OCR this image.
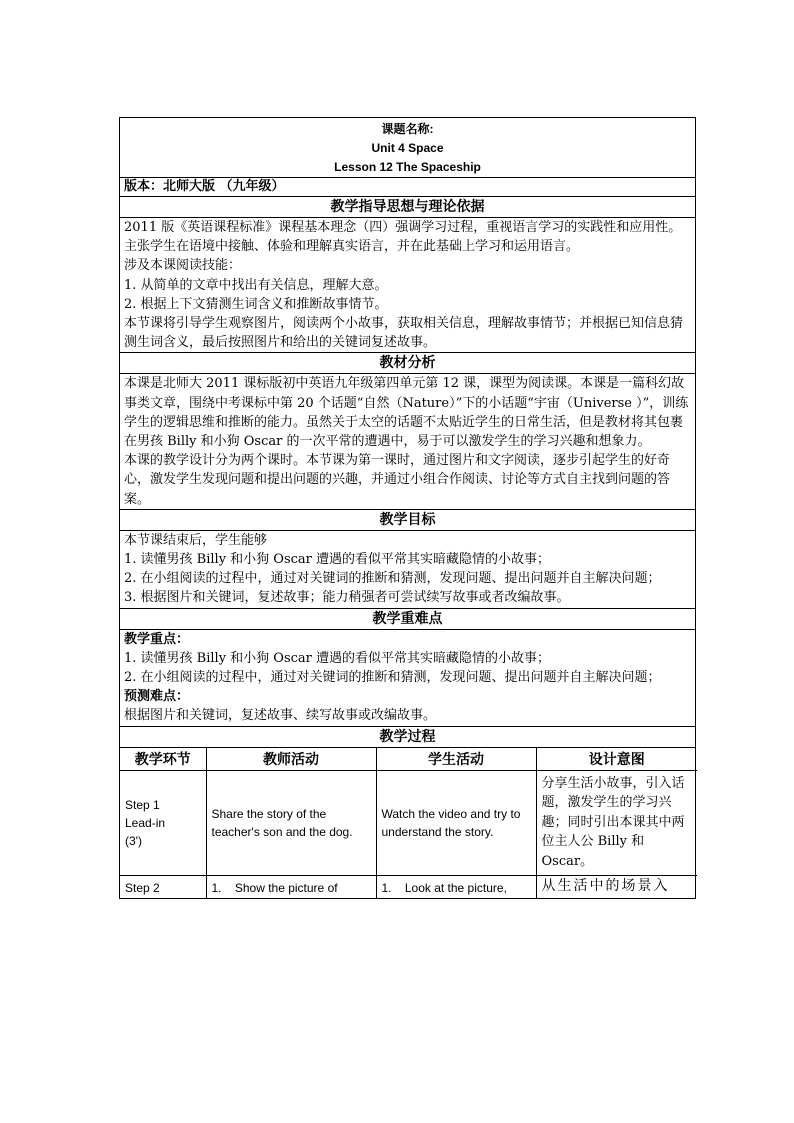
课题名称:
Unit 4 Space
Lesson 12 The Spaceship
版本：北师大版 （九年级）
教学指导思想与理论依据

2011 版《英语课程标准》课程基本理念（四）强调学习过程，重视语言学习的实践性和应用性。主张学生在语境中接触、体验和理解真实语言，并在此基础上学习和运用语言。

涉及本课阅读技能：

1. 从简单的文章中找出有关信息，理解大意。

2. 根据上下文猜测生词含义和推断故事情节。

本节课将引导学生观察图片，阅读两个小故事，获取相关信息，理解故事情节；并根据已知信息猜测生词含义，最后按照图片和给出的关键词复述故事。

教材分析

本课是北师大 2011 课标版初中英语九年级第四单元第 12 课，课型为阅读课。本课是一篇科幻故事类文章，围绕中考课标中第 20 个话题“自然（Nature）”下的小话题“宇宙（Universe ）”，训练学生的逻辑思维和推断的能力。虽然关于太空的话题不太贴近学生的日常生活，但是教材将其包裹在男孩 Billy 和小狗 Oscar 的一次平常的遭遇中，易于可以激发学生的学习兴趣和想象力。

本课的教学设计分为两个课时。本节课为第一课时，通过图片和文字阅读，逐步引起学生的好奇心，激发学生发现问题和提出问题的兴趣，并通过小组合作阅读、讨论等方式自主找到问题的答案。

教学目标

本节课结束后，学生能够

1. 读懂男孩 Billy 和小狗 Oscar 遭遇的看似平常其实暗藏隐情的小故事；

2. 在小组阅读的过程中，通过对关键词的推断和猜测，发现问题、提出问题并自主解决问题；

3. 根据图片和关键词，复述故事；能力稍强者可尝试续写故事或者改编故事。

教学重难点

教学重点：

1. 读懂男孩 Billy 和小狗 Oscar 遭遇的看似平常其实暗藏隐情的小故事；

2. 在小组阅读的过程中，通过对关键词的推断和猜测，发现问题、提出问题并自主解决问题；

预测难点：

根据图片和关键词，复述故事、续写故事或改编故事。

教学过程
教学环节	教师活动	学生活动	设计意图

Step 1
Lead-in
(3')	Share the story of the teacher's son and the dog.	Watch the video and try to understand the story.	分享生活小故事，引入话题，激发学生的学习兴趣；同时引出本课其中两位主人公 Billy 和 Oscar。

Step 2	1.    Show the picture of	1.    Look at the picture,	从生活中的场景入
